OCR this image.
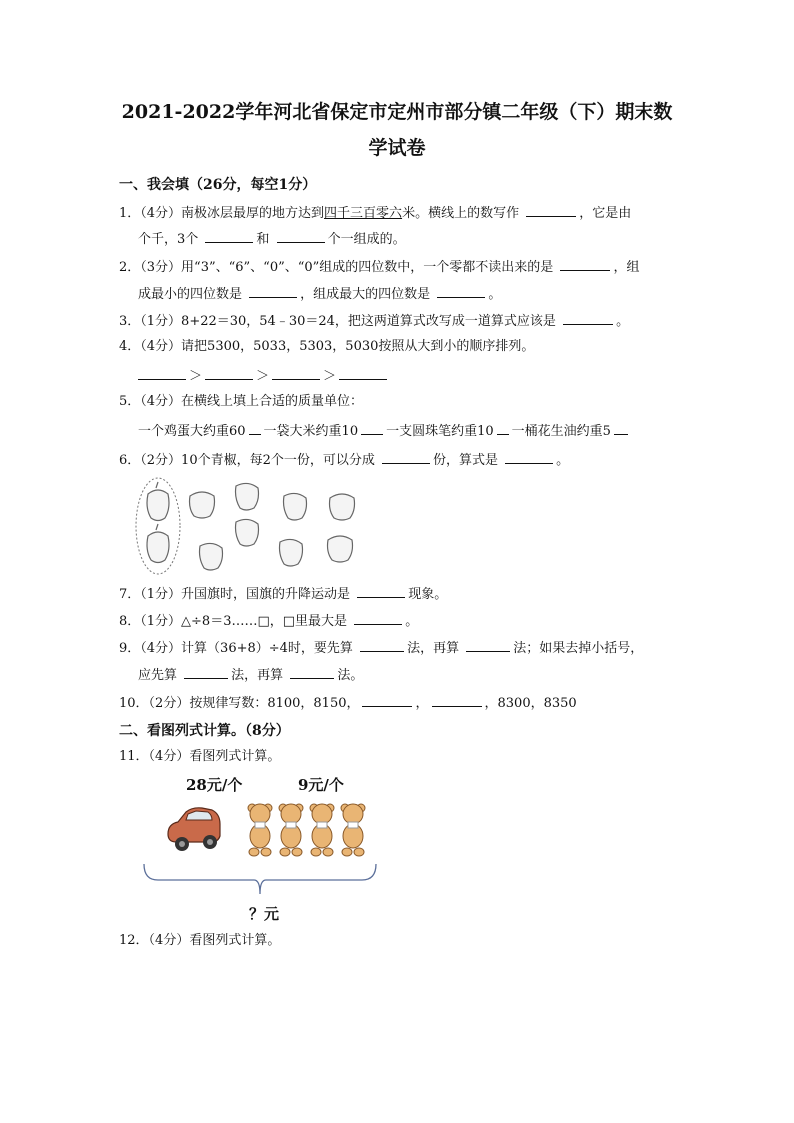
2021-2022学年河北省保定市定州市部分镇二年级（下）期末数
学试卷
一、我会填（26分，每空1分）
1．（4分）南极冰层最厚的地方达到四千三百零六米。横线上的数写作	，它是由
个千，3个	和	个一组成的。
2．（3分）用“3”、“6”、“0”、“0”组成的四位数中，一个零都不读出来的是	，组
成最小的四位数是	，组成最大的四位数是	。
3．（1分）8+22＝30，54﹣30＝24，把这两道算式改写成一道算式应该是	。
4．（4分）请把5300，5033，5303，5030按照从大到小的顺序排列。
＞	＞	＞
5．（4分）在横线上填上合适的质量单位：
一个鸡蛋大约重60 一袋大米约重10 一支圆珠笔约重10 一桶花生油约重5
6．（2分）10个青椒，每2个一份，可以分成	份，算式是	。
7．（1分）升国旗时，国旗的升降运动是	现象。
8．（1分）△÷8＝3……□，□里最大是	。
9．（4分）计算（36+8）÷4时，要先算	法，再算	法；如果去掉小括号，
应先算	法，再算	法。
10．（2分）按规律写数：8100，8150，	，	，8300，8350
二、看图列式计算。（8分）
11．（4分）看图列式计算。
28元/个	9元/个
？元
12．（4分）看图列式计算。
